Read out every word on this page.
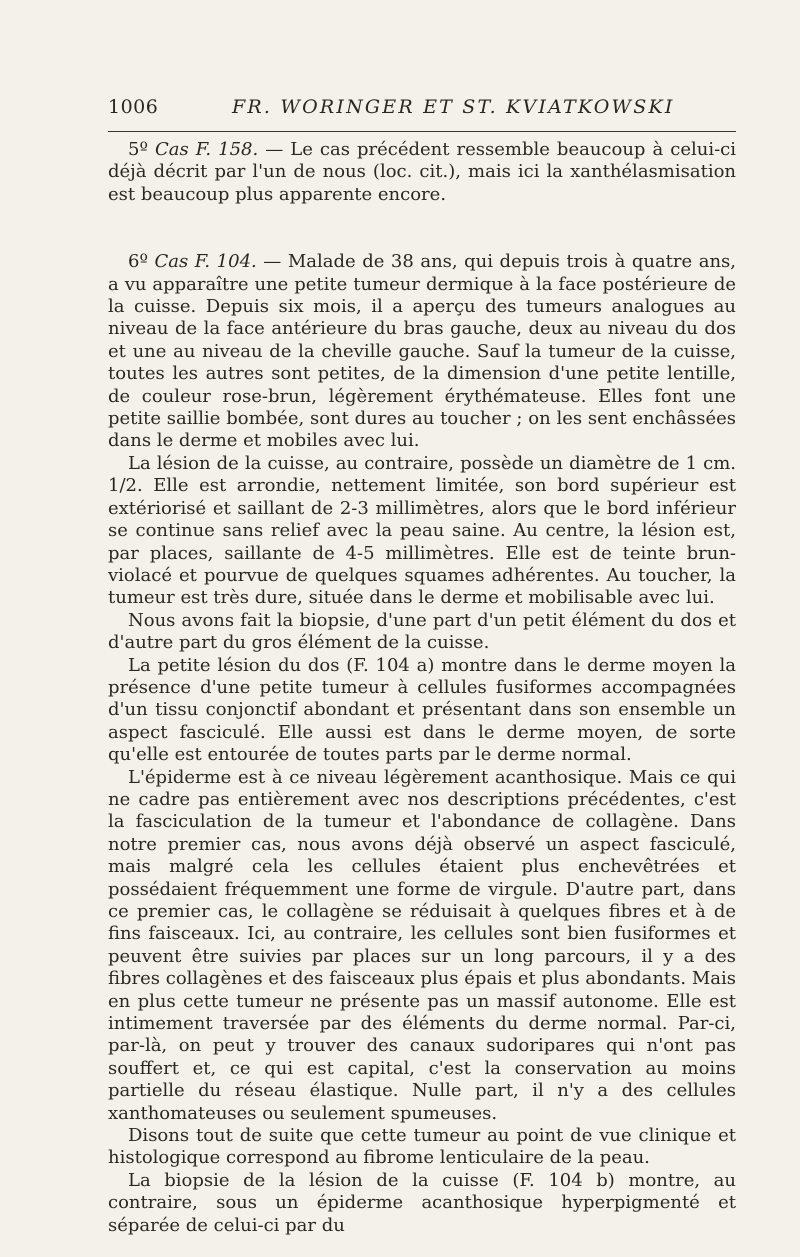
1006	FR. WORINGER ET ST. KVIATKOWSKI

5º Cas F. 158. — Le cas précédent ressemble beaucoup à celui-ci déjà décrit par l'un de nous (loc. cit.), mais ici la xanthélasmisation est beaucoup plus apparente encore.

6º Cas F. 104. — Malade de 38 ans, qui depuis trois à quatre ans, a vu apparaître une petite tumeur dermique à la face postérieure de la cuisse. Depuis six mois, il a aperçu des tumeurs analogues au niveau de la face antérieure du bras gauche, deux au niveau du dos et une au niveau de la cheville gauche. Sauf la tumeur de la cuisse, toutes les autres sont petites, de la dimension d'une petite lentille, de couleur rose-brun, légèrement érythémateuse. Elles font une petite saillie bombée, sont dures au toucher ; on les sent enchâssées dans le derme et mobiles avec lui.

La lésion de la cuisse, au contraire, possède un diamètre de 1 cm. 1/2. Elle est arrondie, nettement limitée, son bord supérieur est extériorisé et saillant de 2-3 millimètres, alors que le bord inférieur se continue sans relief avec la peau saine. Au centre, la lésion est, par places, saillante de 4-5 millimètres. Elle est de teinte brun-violacé et pourvue de quelques squames adhérentes. Au toucher, la tumeur est très dure, située dans le derme et mobilisable avec lui.

Nous avons fait la biopsie, d'une part d'un petit élément du dos et d'autre part du gros élément de la cuisse.

La petite lésion du dos (F. 104 a) montre dans le derme moyen la présence d'une petite tumeur à cellules fusiformes accompagnées d'un tissu conjonctif abondant et présentant dans son ensemble un aspect fasciculé. Elle aussi est dans le derme moyen, de sorte qu'elle est entourée de toutes parts par le derme normal.

L'épiderme est à ce niveau légèrement acanthosique. Mais ce qui ne cadre pas entièrement avec nos descriptions précédentes, c'est la fasciculation de la tumeur et l'abondance de collagène. Dans notre premier cas, nous avons déjà observé un aspect fasciculé, mais malgré cela les cellules étaient plus enchevêtrées et possédaient fréquemment une forme de virgule. D'autre part, dans ce premier cas, le collagène se réduisait à quelques fibres et à de fins faisceaux. Ici, au contraire, les cellules sont bien fusiformes et peuvent être suivies par places sur un long parcours, il y a des fibres collagènes et des faisceaux plus épais et plus abondants. Mais en plus cette tumeur ne présente pas un massif autonome. Elle est intimement traversée par des éléments du derme normal. Par-ci, par-là, on peut y trouver des canaux sudoripares qui n'ont pas souffert et, ce qui est capital, c'est la conservation au moins partielle du réseau élastique. Nulle part, il n'y a des cellules xanthomateuses ou seulement spumeuses.

Disons tout de suite que cette tumeur au point de vue clinique et histologique correspond au fibrome lenticulaire de la peau.

La biopsie de la lésion de la cuisse (F. 104 b) montre, au contraire, sous un épiderme acanthosique hyperpigmenté et séparée de celui-ci par du
